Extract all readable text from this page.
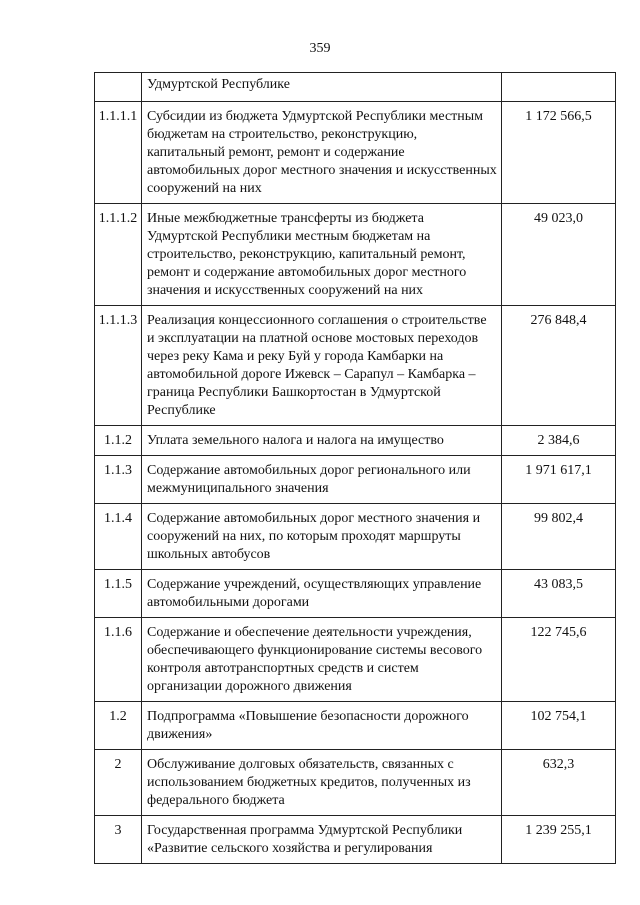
359
	Удмуртской Республике	
1.1.1.1	Субсидии из бюджета Удмуртской Республики местным бюджетам на строительство, реконструкцию, капитальный ремонт, ремонт и содержание автомобильных дорог местного значения и искусственных сооружений на них	1 172 566,5
1.1.1.2	Иные межбюджетные трансферты из бюджета Удмуртской Республики местным бюджетам на строительство, реконструкцию, капитальный ремонт, ремонт и содержание автомобильных дорог местного значения и искусственных сооружений на них	49 023,0
1.1.1.3	Реализация концессионного соглашения о строительстве и эксплуатации на платной основе мостовых переходов через реку Кама и реку Буй у города Камбарки на автомобильной дороге Ижевск – Сарапул – Камбарка – граница Республики Башкортостан в Удмуртской Республике	276 848,4
1.1.2	Уплата земельного налога и налога на имущество	2 384,6
1.1.3	Содержание автомобильных дорог регионального или межмуниципального значения	1 971 617,1
1.1.4	Содержание автомобильных дорог местного значения и сооружений на них, по которым проходят маршруты школьных автобусов	99 802,4
1.1.5	Содержание учреждений, осуществляющих управление автомобильными дорогами	43 083,5
1.1.6	Содержание и обеспечение деятельности учреждения, обеспечивающего функционирование системы весового контроля автотранспортных средств и систем организации дорожного движения	122 745,6
1.2	Подпрограмма «Повышение безопасности дорожного движения»	102 754,1
2	Обслуживание долговых обязательств, связанных с использованием бюджетных кредитов, полученных из федерального бюджета	632,3
3	Государственная программа Удмуртской Республики «Развитие сельского хозяйства и регулирования	1 239 255,1
